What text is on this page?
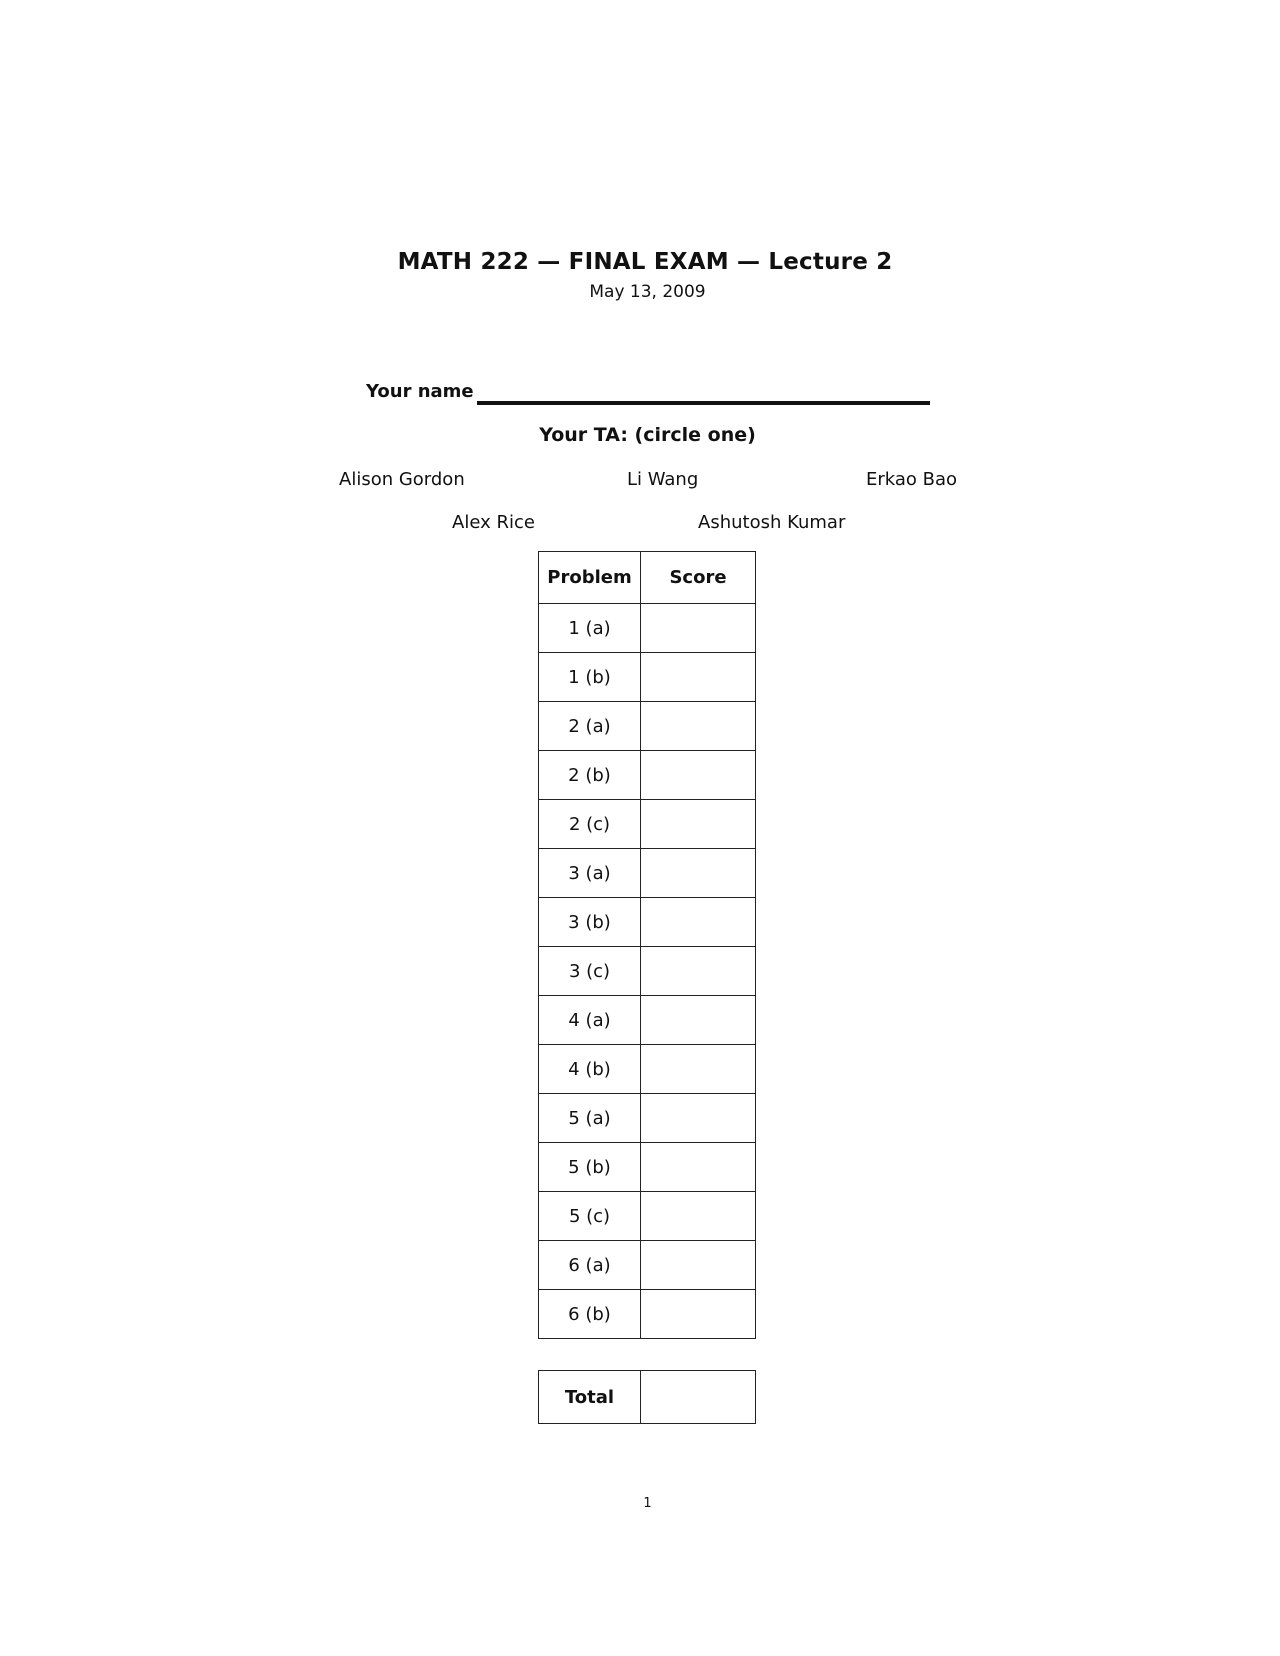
MATH 222 — FINAL EXAM — Lecture 2
May 13, 2009
Your name
Your TA: (circle one)
Alison Gordon	Li Wang	Erkao Bao
Alex Rice	Ashutosh Kumar
Problem	Score
1 (a)	
1 (b)	
2 (a)	
2 (b)	
2 (c)	
3 (a)	
3 (b)	
3 (c)	
4 (a)	
4 (b)	
5 (a)	
5 (b)	
5 (c)	
6 (a)	
6 (b)	
Total	
1
